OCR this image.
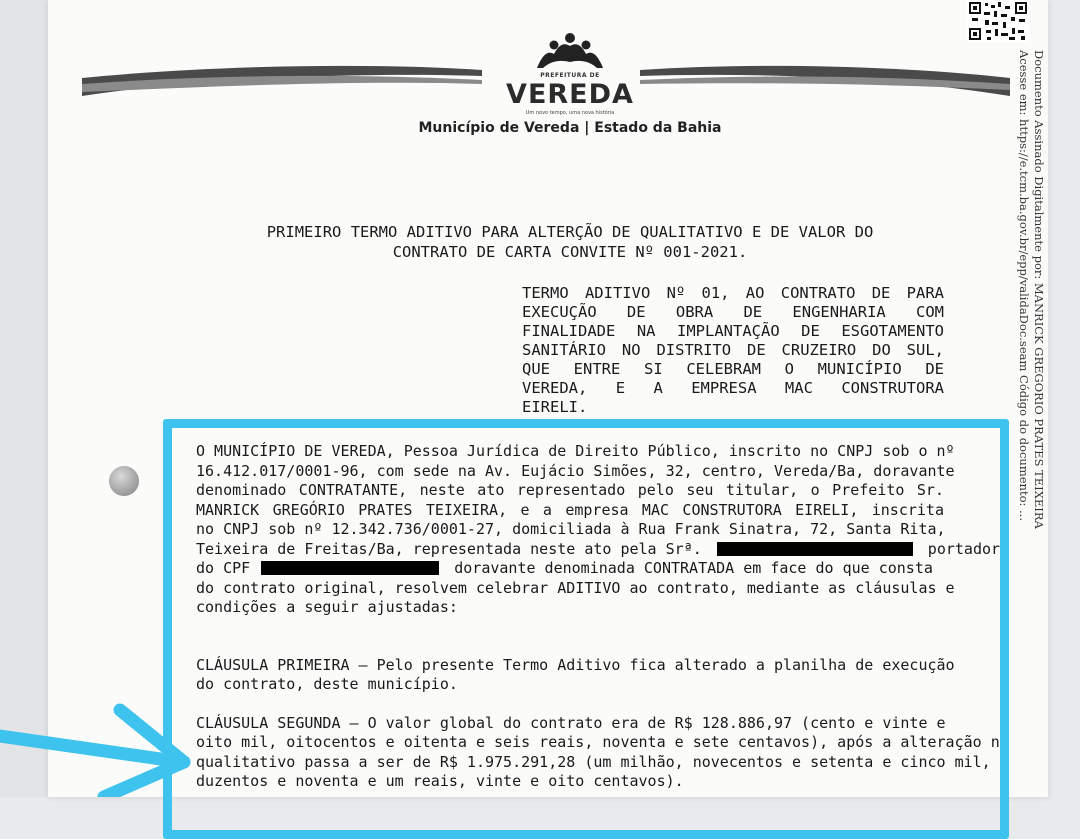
Documento Assinado Digitalmente por: MANRICK GREGORIO PRATES TEIXEIRA
Acesse em: https://e.tcm.ba.gov.br/epp/validaDoc.seam Código do documento: ...
PREFEITURA DE
VEREDA
Um novo tempo, uma nova história
Município de Vereda | Estado da Bahia
PRIMEIRO TERMO ADITIVO PARA ALTERÇÃO DE QUALITATIVO E DE VALOR DO
CONTRATO DE CARTA CONVITE Nº 001-2021.
TERMO ADITIVO Nº 01, AO CONTRATO DE PARA
EXECUÇÃO DE OBRA DE ENGENHARIA COM
FINALIDADE NA IMPLANTAÇÃO DE ESGOTAMENTO
SANITÁRIO NO DISTRITO DE CRUZEIRO DO SUL,
QUE ENTRE SI CELEBRAM O MUNICÍPIO DE
VEREDA, E A EMPRESA MAC CONSTRUTORA
EIRELI.
O MUNICÍPIO DE VEREDA, Pessoa Jurídica de Direito Público, inscrito no CNPJ sob o nº
16.412.017/0001-96, com sede na Av. Eujácio Simões, 32, centro, Vereda/Ba, doravante
denominado CONTRATANTE, neste ato representado pelo seu titular, o Prefeito Sr.
MANRICK GREGÓRIO PRATES TEIXEIRA, e a empresa MAC CONSTRUTORA EIRELI, inscrita
no CNPJ sob nº 12.342.736/0001-27, domiciliada à Rua Frank Sinatra, 72, Santa Rita,
Teixeira de Freitas/Ba, representada neste ato pela Srª.	portador
do CPF	doravante denominada CONTRATADA em face do que consta
do contrato original, resolvem celebrar ADITIVO ao contrato, mediante as cláusulas e
condições a seguir ajustadas:
CLÁUSULA PRIMEIRA – Pelo presente Termo Aditivo fica alterado a planilha de execução
do contrato, deste município.
CLÁUSULA SEGUNDA – O valor global do contrato era de R$ 128.886,97 (cento e vinte e
oito mil, oitocentos e oitenta e seis reais, noventa e sete centavos), após a alteração no
qualitativo passa a ser de R$ 1.975.291,28 (um milhão, novecentos e setenta e cinco mil,
duzentos e noventa e um reais, vinte e oito centavos).
